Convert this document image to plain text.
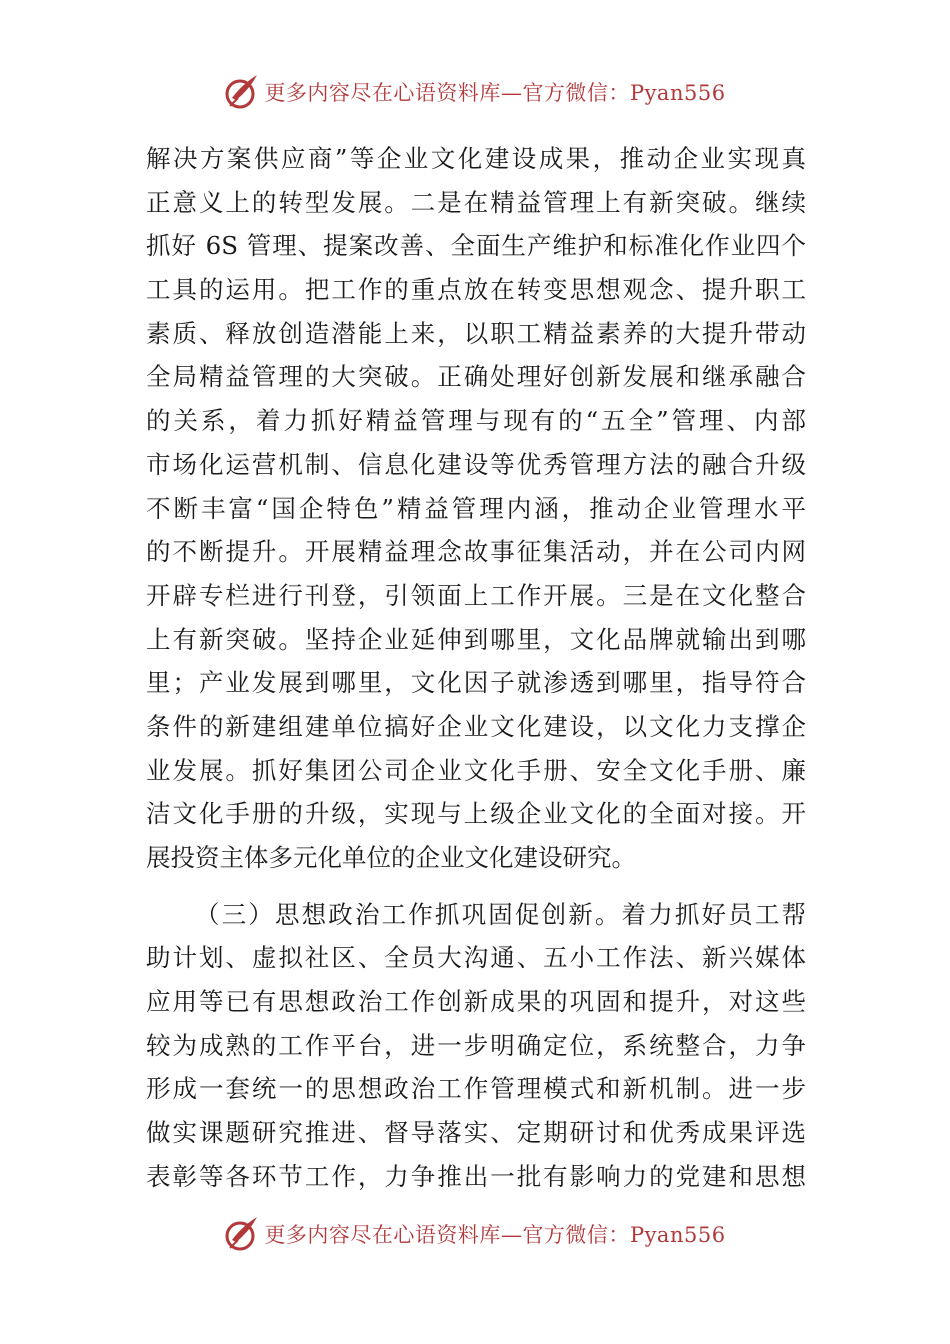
更多内容尽在心语资料库—官方微信：Pyan556
解决方案供应商”等企业文化建设成果，推动企业实现真
正意义上的转型发展。二是在精益管理上有新突破。继续
抓好 6S 管理、提案改善、全面生产维护和标准化作业四个
工具的运用。把工作的重点放在转变思想观念、提升职工
素质、释放创造潜能上来，以职工精益素养的大提升带动
全局精益管理的大突破。正确处理好创新发展和继承融合
的关系，着力抓好精益管理与现有的“五全”管理、内部
市场化运营机制、信息化建设等优秀管理方法的融合升级
不断丰富“国企特色”精益管理内涵，推动企业管理水平
的不断提升。开展精益理念故事征集活动，并在公司内网
开辟专栏进行刊登，引领面上工作开展。三是在文化整合
上有新突破。坚持企业延伸到哪里，文化品牌就输出到哪
里；产业发展到哪里，文化因子就渗透到哪里，指导符合
条件的新建组建单位搞好企业文化建设，以文化力支撑企
业发展。抓好集团公司企业文化手册、安全文化手册、廉
洁文化手册的升级，实现与上级企业文化的全面对接。开
展投资主体多元化单位的企业文化建设研究。
（三）思想政治工作抓巩固促创新。着力抓好员工帮
助计划、虚拟社区、全员大沟通、五小工作法、新兴媒体
应用等已有思想政治工作创新成果的巩固和提升，对这些
较为成熟的工作平台，进一步明确定位，系统整合，力争
形成一套统一的思想政治工作管理模式和新机制。进一步
做实课题研究推进、督导落实、定期研讨和优秀成果评选
表彰等各环节工作，力争推出一批有影响力的党建和思想
更多内容尽在心语资料库—官方微信：Pyan556
